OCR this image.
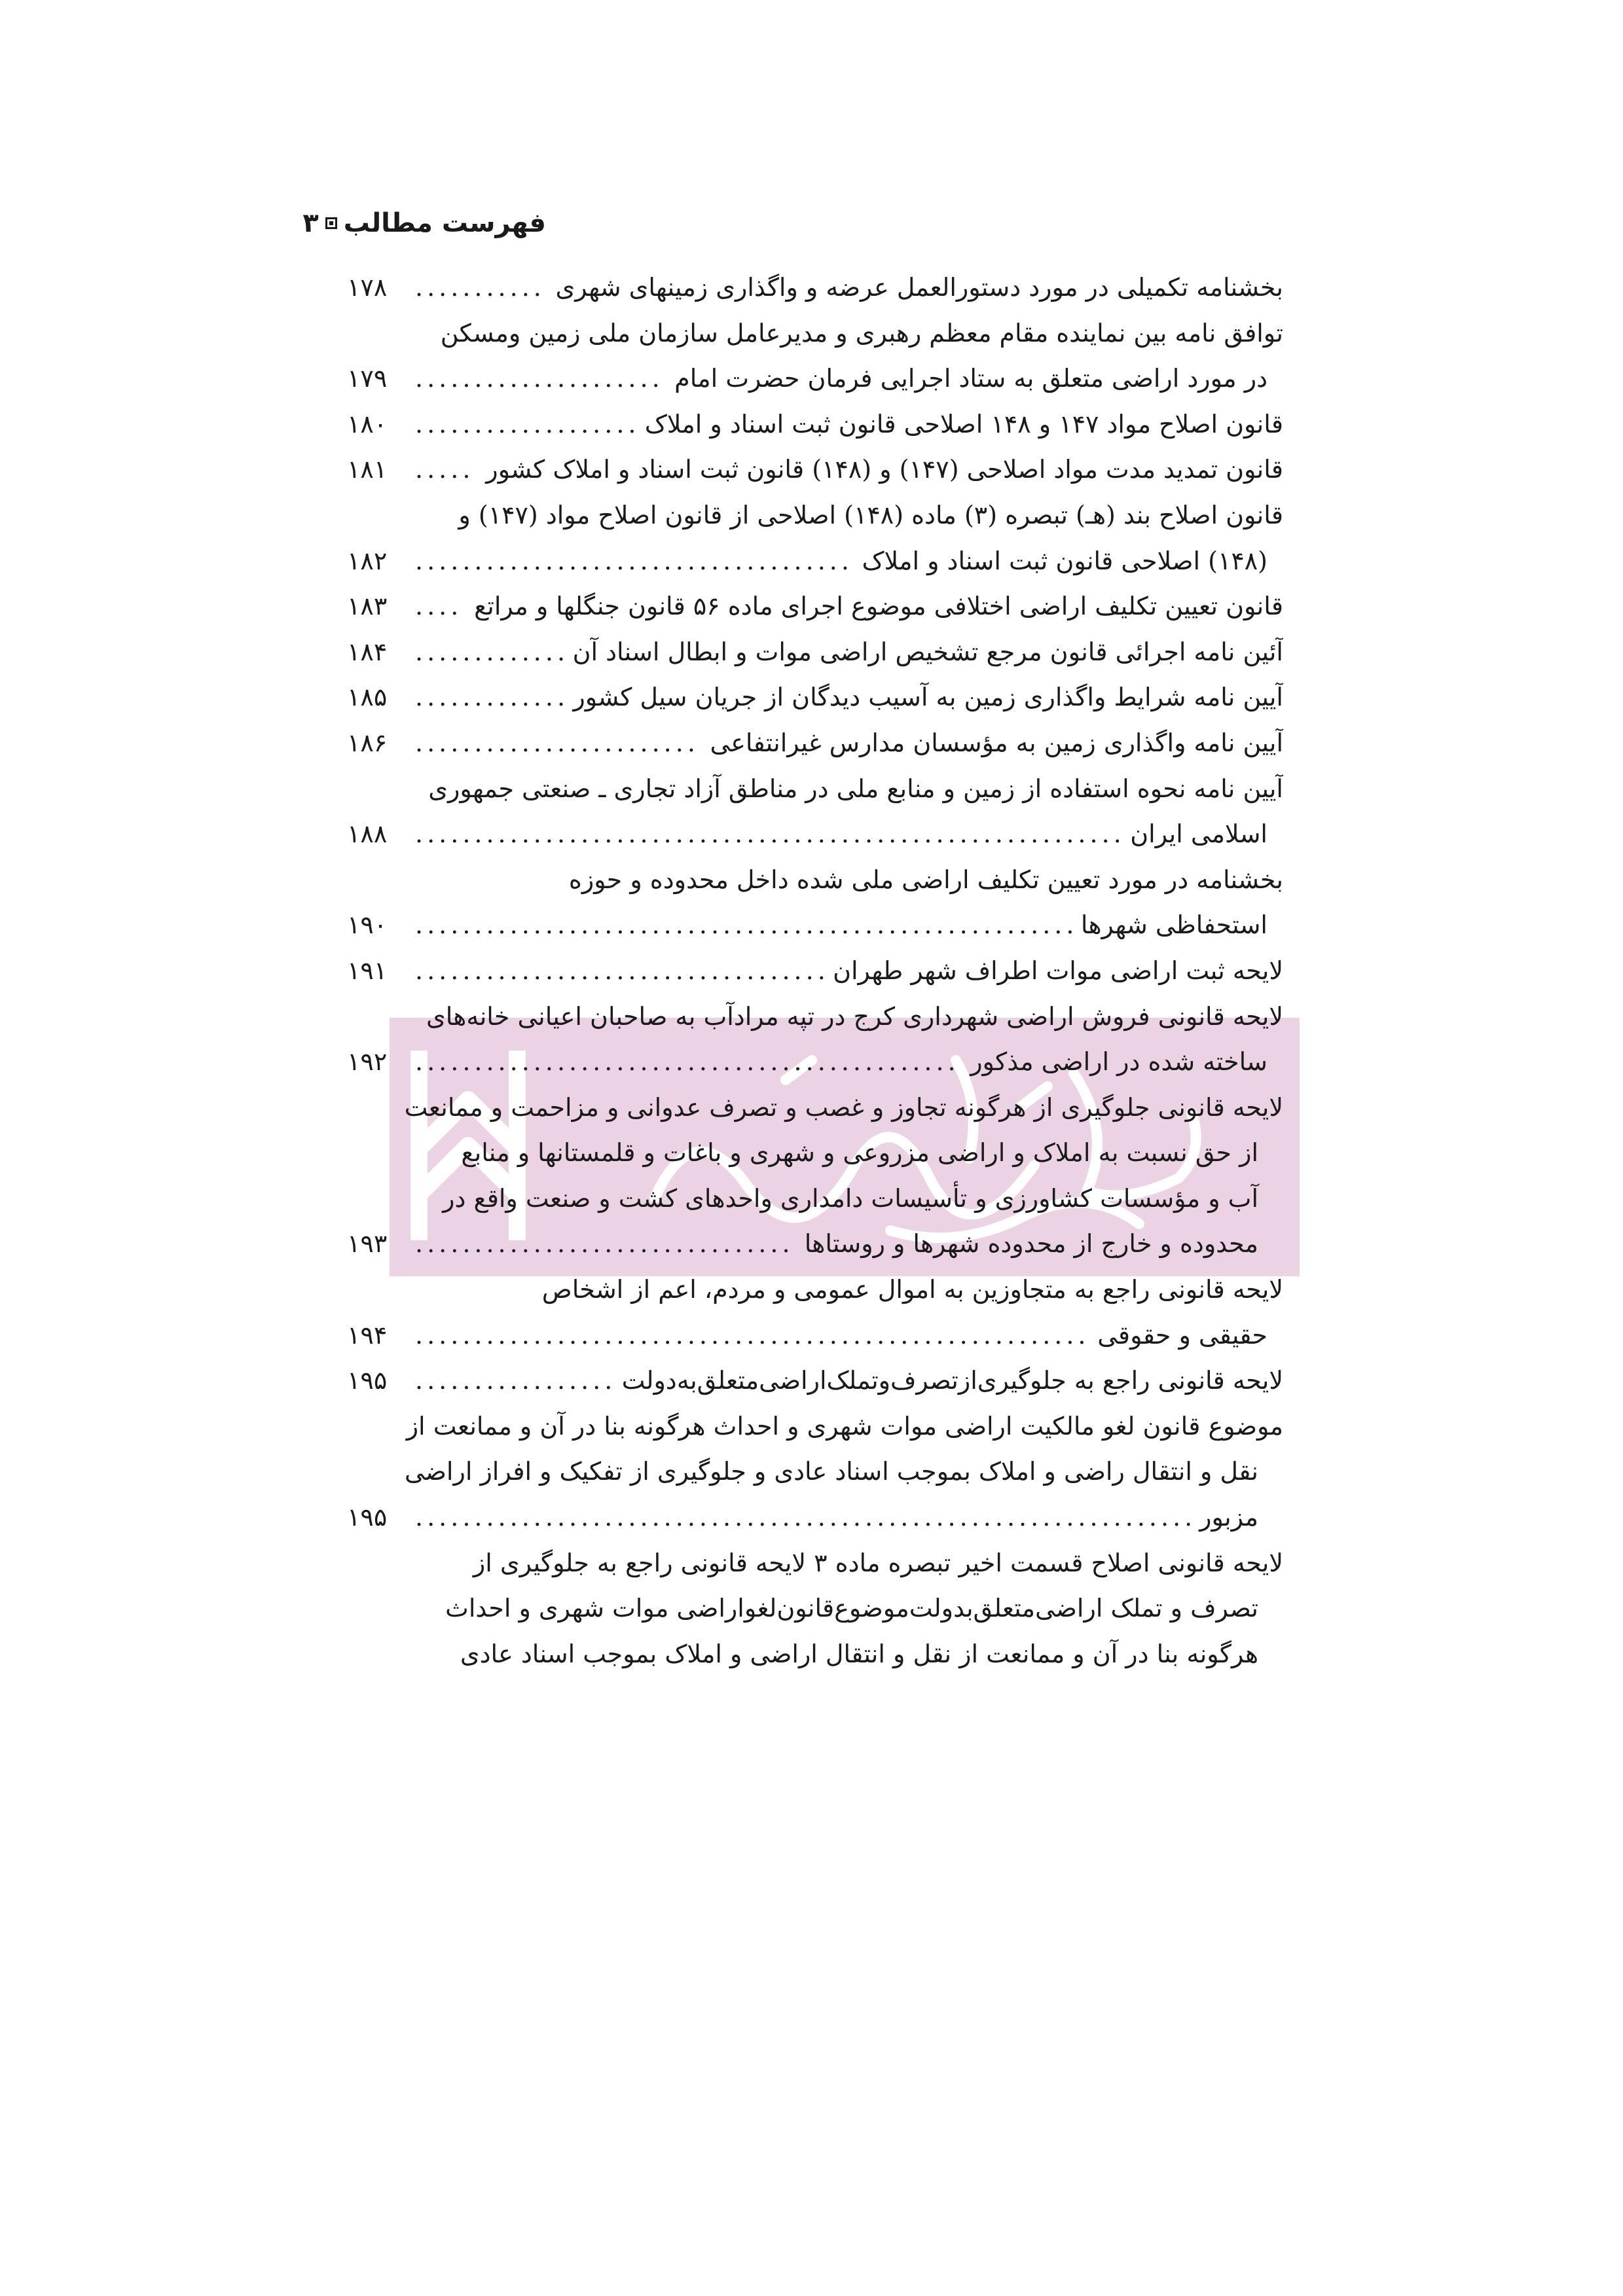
فهرست مطالب
۳
بخشنامه تکمیلی در مورد دستورالعمل عرضه و واگذاری زمینهای شهری
.....
۱۷۸
توافق نامه بین نماینده مقام معظم رهبری و مدیرعامل سازمان ملی زمین ومسکن
در مورد اراضی متعلق به ستاد اجرایی فرمان حضرت امام
.....
۱۷۹
قانون اصلاح مواد ۱۴۷ و ۱۴۸ اصلاحی قانون ثبت اسناد و املاک
.....
۱۸۰
قانون تمدید مدت مواد اصلاحی (۱۴۷) و (۱۴۸) قانون ثبت اسناد و املاک کشور
.....
۱۸۱
قانون اصلاح بند (هـ) تبصره (۳) ماده (۱۴۸) اصلاحی از قانون اصلاح مواد (۱۴۷) و
(۱۴۸) اصلاحی قانون ثبت اسناد و املاک
.....
۱۸۲
قانون تعیین تکلیف اراضی اختلافی موضوع اجرای ماده ۵۶ قانون جنگلها و مراتع
.....
۱۸۳
آئین نامه اجرائی قانون مرجع تشخیص اراضی موات و ابطال اسناد آن
.....
۱۸۴
آیین نامه شرایط واگذاری زمین به آسیب دیدگان از جریان سیل کشور
.....
۱۸۵
آیین نامه واگذاری زمین به مؤسسان مدارس غیرانتفاعی
.....
۱۸۶
آیین نامه نحوه استفاده از زمین و منابع ملی در مناطق آزاد تجاری ـ صنعتی جمهوری
اسلامی ایران
.....
۱۸۸
بخشنامه در مورد تعیین تکلیف اراضی ملی شده داخل محدوده و حوزه
استحفاظی شهرها
.....
۱۹۰
لایحه ثبت اراضی موات اطراف شهر طهران
.....
۱۹۱
لایحه قانونی فروش اراضی شهرداری کرج در تپه مرادآب به صاحبان اعیانی خانه‌های
ساخته شده در اراضی مذکور
.....
۱۹۲
لایحه قانونی جلوگیری از هرگونه تجاوز و غصب و تصرف عدوانی و مزاحمت و ممانعت
از حق نسبت به املاک و اراضی مزروعی و شهری و باغات و قلمستانها و منابع
آب و مؤسسات کشاورزی و تأسیسات دامداری واحدهای کشت و صنعت واقع در
محدوده و خارج از محدوده شهرها و روستاها
.....
۱۹۳
لایحه قانونی راجع به متجاوزین به اموال عمومی و مردم، اعم از اشخاص
حقیقی و حقوقی
.....
۱۹۴
لایحه قانونی راجع به جلوگیری‌ازتصرف‌وتملک‌اراضی‌متعلق‌به‌دولت
.....
۱۹۵
موضوع قانون لغو مالکیت اراضی موات شهری و احداث هرگونه بنا در آن و ممانعت از
نقل و انتقال راضی و املاک بموجب اسناد عادی و جلوگیری از تفکیک و افراز اراضی
مزبور
.....
۱۹۵
لایحه قانونی اصلاح قسمت اخیر تبصره ماده ۳ لایحه قانونی راجع به جلوگیری از
تصرف و تملک اراضی‌متعلق‌بدولت‌موضوع‌قانون‌لغواراضی موات شهری و احداث
هرگونه بنا در آن و ممانعت از نقل و انتقال اراضی و املاک بموجب اسناد عادی
